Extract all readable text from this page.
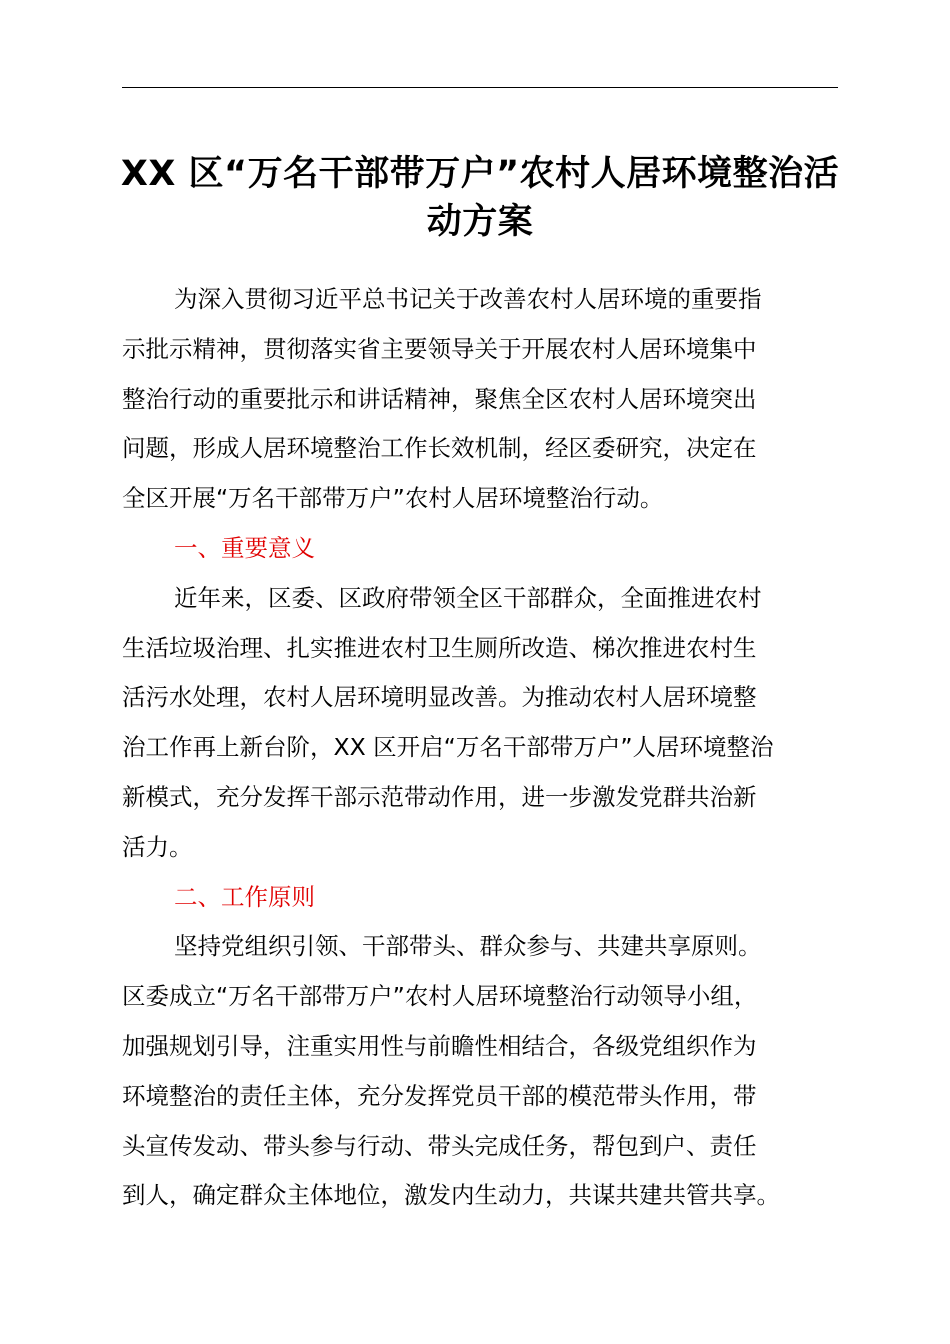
XX 区“万名干部带万户”农村人居环境整治活
动方案
为深入贯彻习近平总书记关于改善农村人居环境的重要指
示批示精神，贯彻落实省主要领导关于开展农村人居环境集中
整治行动的重要批示和讲话精神，聚焦全区农村人居环境突出
问题，形成人居环境整治工作长效机制，经区委研究，决定在
全区开展“万名干部带万户”农村人居环境整治行动。
一、重要意义
近年来，区委、区政府带领全区干部群众，全面推进农村
生活垃圾治理、扎实推进农村卫生厕所改造、梯次推进农村生
活污水处理，农村人居环境明显改善。为推动农村人居环境整
治工作再上新台阶，XX 区开启“万名干部带万户”人居环境整治
新模式，充分发挥干部示范带动作用，进一步激发党群共治新
活力。
二、工作原则
坚持党组织引领、干部带头、群众参与、共建共享原则。
区委成立“万名干部带万户”农村人居环境整治行动领导小组，
加强规划引导，注重实用性与前瞻性相结合，各级党组织作为
环境整治的责任主体，充分发挥党员干部的模范带头作用，带
头宣传发动、带头参与行动、带头完成任务，帮包到户、责任
到人，确定群众主体地位，激发内生动力，共谋共建共管共享。
